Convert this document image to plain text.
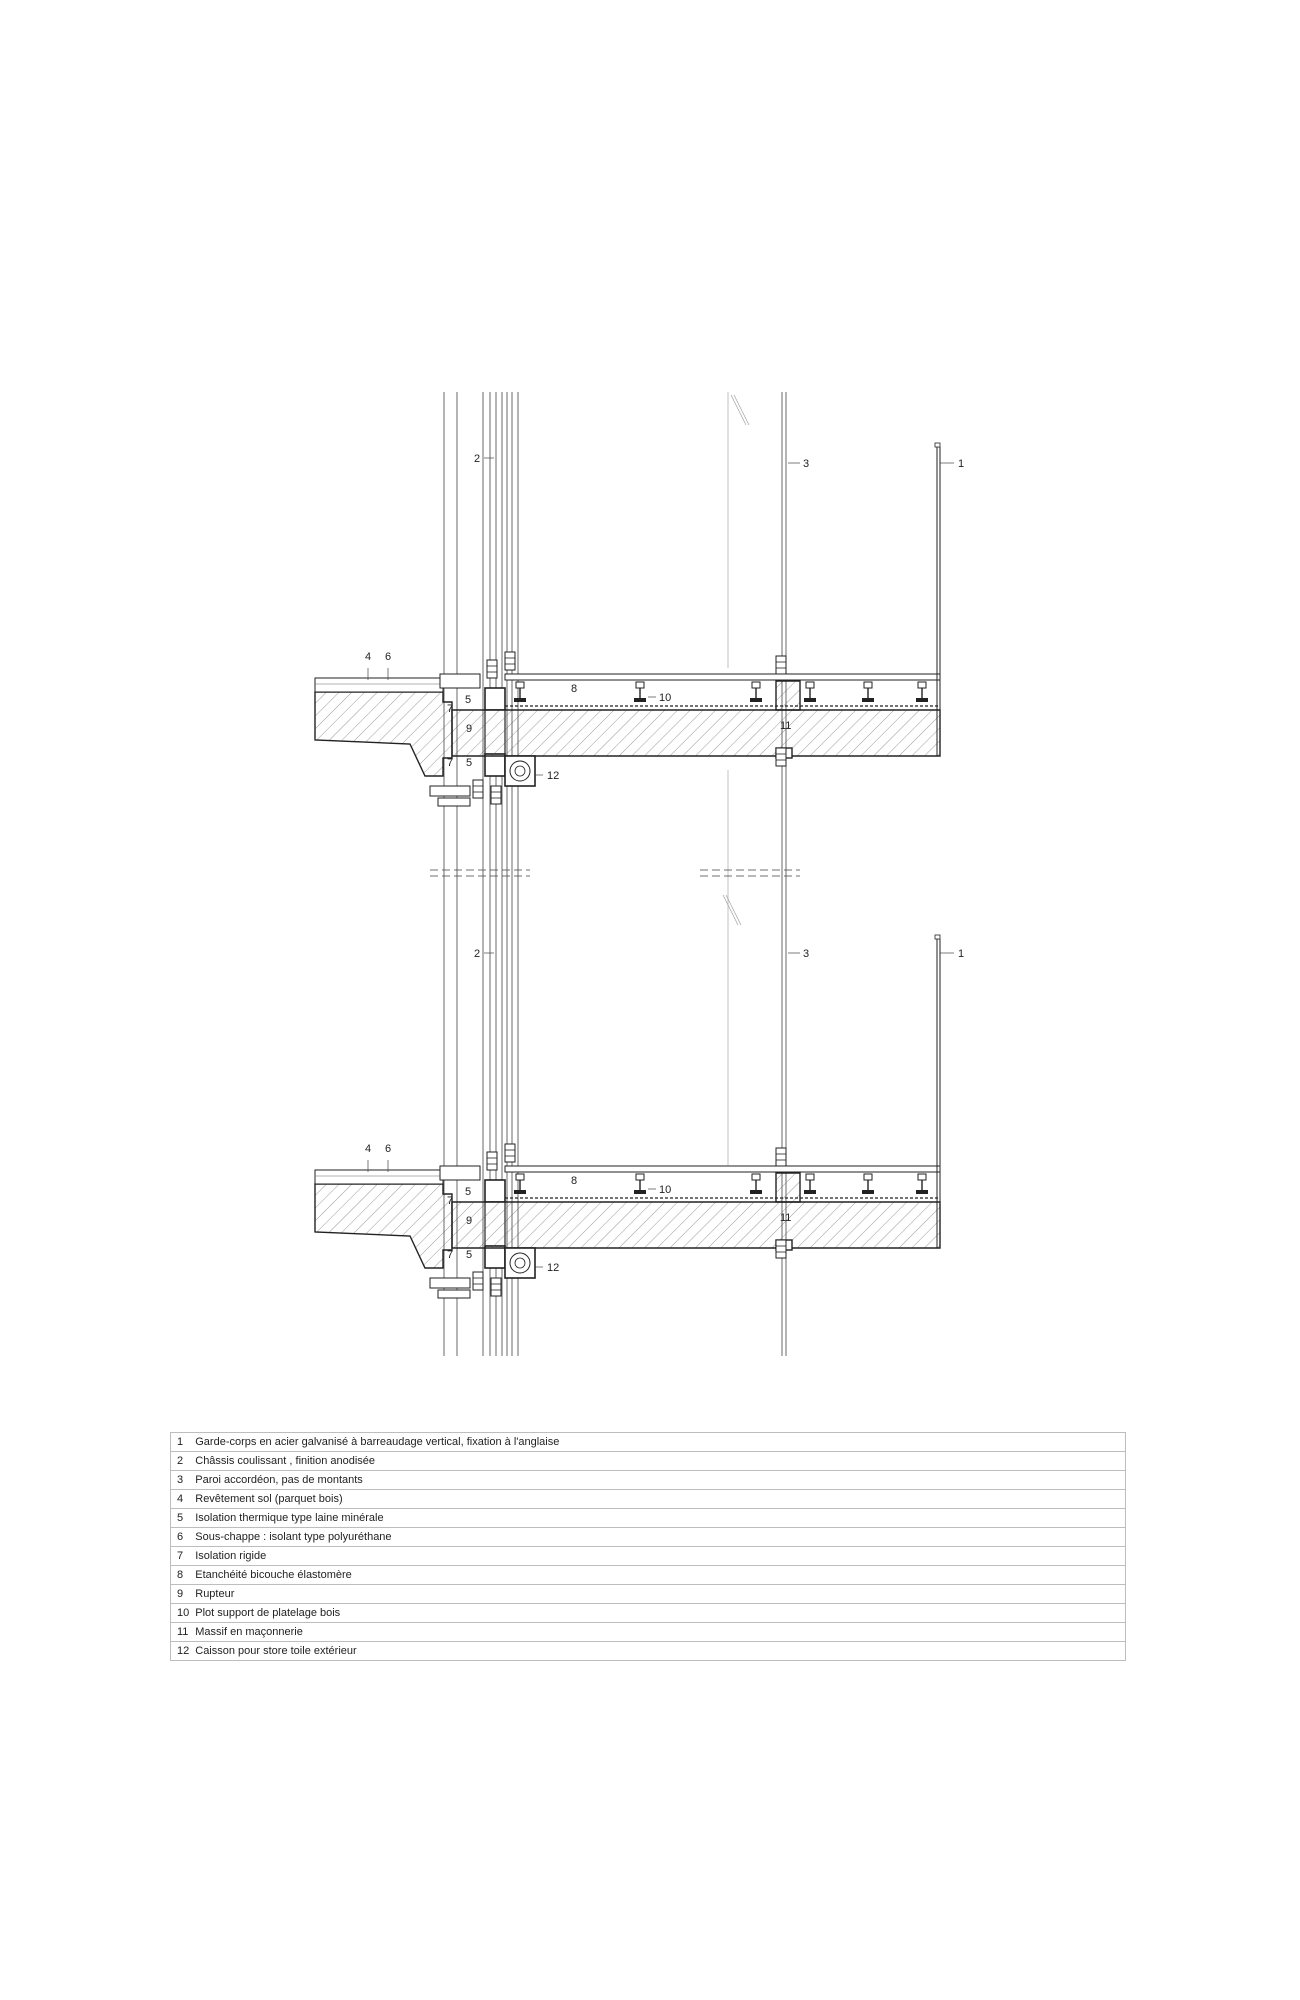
2	3	1
4 6
5
7
9
7 5
8
10
11
12
2	3	1
4 6
5
7
9
7 5
8
10
11
12
1	Garde-corps en acier galvanisé à barreaudage vertical, fixation à l'anglaise
2	Châssis coulissant , finition anodisée
3	Paroi accordéon, pas de montants
4	Revêtement sol (parquet bois)
5	Isolation thermique type laine minérale
6	Sous-chappe : isolant type polyuréthane
7	Isolation rigide
8	Etanchéité bicouche élastomère
9	Rupteur
10	Plot support de platelage bois
11	Massif en maçonnerie
12	Caisson pour store toile extérieur
